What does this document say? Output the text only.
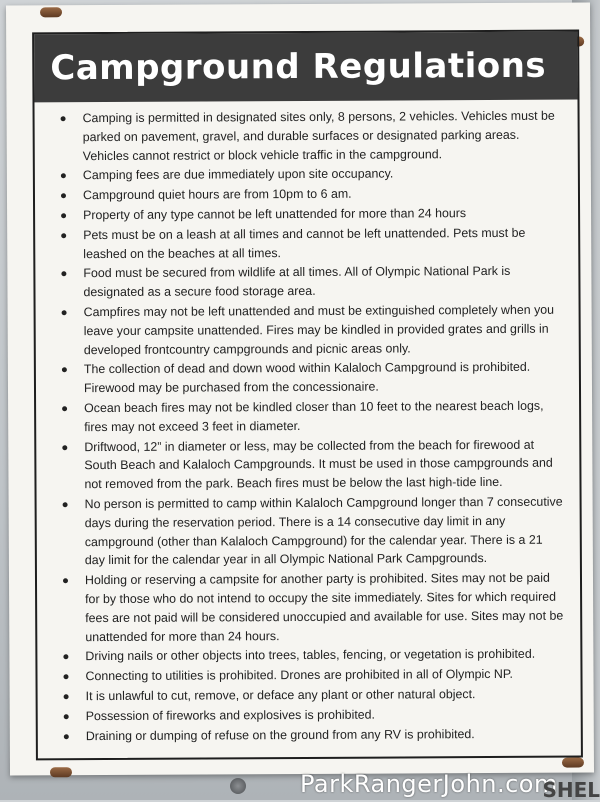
Campground Regulations
Camping is permitted in designated sites only, 8 persons, 2 vehicles. Vehicles must be parked on pavement, gravel, and durable surfaces or designated parking areas. Vehicles cannot restrict or block vehicle traffic in the campground.
Camping fees are due immediately upon site occupancy.
Campground quiet hours are from 10pm to 6 am.
Property of any type cannot be left unattended for more than 24 hours
Pets must be on a leash at all times and cannot be left unattended. Pets must be leashed on the beaches at all times.
Food must be secured from wildlife at all times. All of Olympic National Park is designated as a secure food storage area.
Campfires may not be left unattended and must be extinguished completely when you leave your campsite unattended. Fires may be kindled in provided grates and grills in developed frontcountry campgrounds and picnic areas only.
The collection of dead and down wood within Kalaloch Campground is prohibited. Firewood may be purchased from the concessionaire.
Ocean beach fires may not be kindled closer than 10 feet to the nearest beach logs, fires may not exceed 3 feet in diameter.
Driftwood, 12” in diameter or less, may be collected from the beach for firewood at South Beach and Kalaloch Campgrounds. It must be used in those campgrounds and not removed from the park. Beach fires must be below the last high-tide line.
No person is permitted to camp within Kalaloch Campground longer than 7 consecutive days during the reservation period. There is a 14 consecutive day limit in any campground (other than Kalaloch Campground) for the calendar year. There is a 21 day limit for the calendar year in all Olympic National Park Campgrounds.
Holding or reserving a campsite for another party is prohibited. Sites may not be paid for by those who do not intend to occupy the site immediately. Sites for which required fees are not paid will be considered unoccupied and available for use. Sites may not be unattended for more than 24 hours.
Driving nails or other objects into trees, tables, fencing, or vegetation is prohibited.
Connecting to utilities is prohibited. Drones are prohibited in all of Olympic NP.
It is unlawful to cut, remove, or deface any plant or other natural object.
Possession of fireworks and explosives is prohibited.
Draining or dumping of refuse on the ground from any RV is prohibited.
ParkRangerJohn.com
SHEL
